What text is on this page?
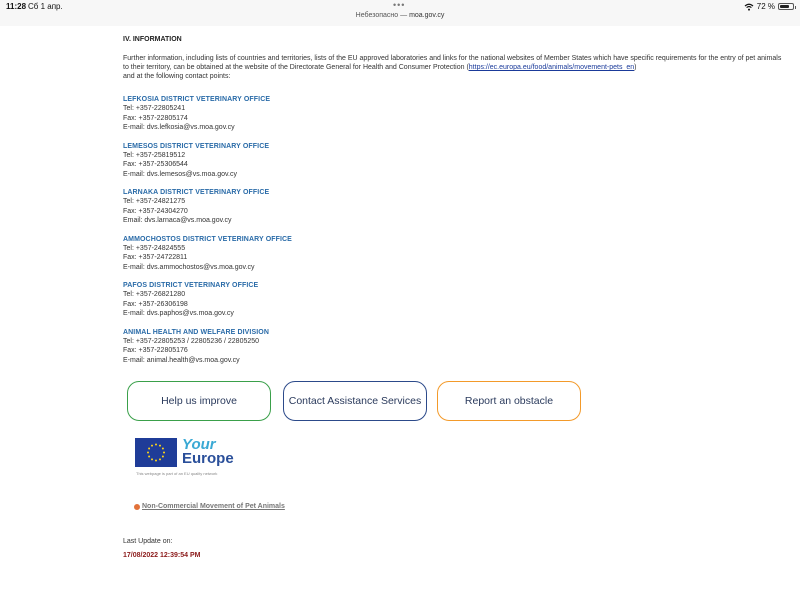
11:28 Сб 1 апр.	•••
Небезопасно — moa.gov.cy
72 %
IV. INFORMATION
Further information, including lists of countries and territories, lists of the EU approved laboratories and links for the national websites of Member States which have specific requirements for the entry of pet animals to their territory, can be obtained at the website of the Directorate General for Health and Consumer Protection (https://ec.europa.eu/food/animals/movement-pets_en)
and at the following contact points:
LEFKOSIA DISTRICT VETERINARY OFFICE
Tel: +357-22805241
Fax: +357-22805174
E-mail: dvs.lefkosia@vs.moa.gov.cy
LEMESOS DISTRICT VETERINARY OFFICE
Tel: +357-25819512
Fax: +357-25306544
E-mail: dvs.lemesos@vs.moa.gov.cy
LARNAKA DISTRICT VETERINARY OFFICE
Tel: +357-24821275
Fax: +357-24304270
Email: dvs.larnaca@vs.moa.gov.cy
AMMOCHOSTOS DISTRICT VETERINARY OFFICE
Tel: +357-24824555
Fax: +357-24722811
E-mail: dvs.ammochostos@vs.moa.gov.cy
PAFOS DISTRICT VETERINARY OFFICE
Tel: +357-26821280
Fax: +357-26306198
E-mail: dvs.paphos@vs.moa.gov.cy
ANIMAL HEALTH AND WELFARE DIVISION
Tel: +357-22805253 / 22805236 / 22805250
Fax: +357-22805176
E-mail: animal.health@vs.moa.gov.cy
Help us improve	Contact Assistance Services	Report an obstacle
Your
Europe
This webpage is part of an EU quality network
Non-Commercial Movement of Pet Animals
Last Update on:
17/08/2022 12:39:54 PM
